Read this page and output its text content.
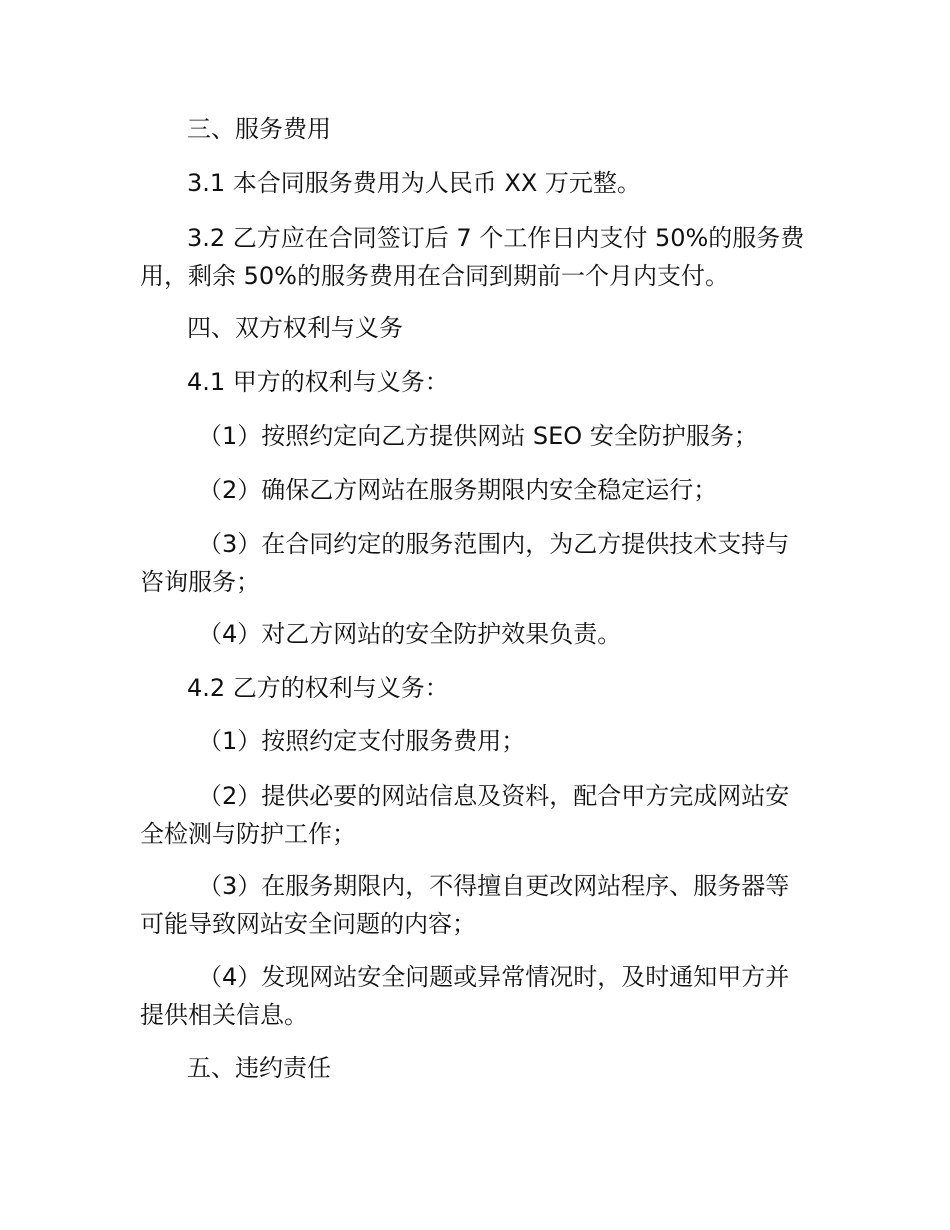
三、服务费用

3.1 本合同服务费用为人民币 XX 万元整。

3.2 乙方应在合同签订后 7 个工作日内支付 50%的服务费用，剩余 50%的服务费用在合同到期前一个月内支付。

四、双方权利与义务

4.1 甲方的权利与义务：

（1）按照约定向乙方提供网站 SEO 安全防护服务；

（2）确保乙方网站在服务期限内安全稳定运行；

（3）在合同约定的服务范围内，为乙方提供技术支持与咨询服务；

（4）对乙方网站的安全防护效果负责。

4.2 乙方的权利与义务：

（1）按照约定支付服务费用；

（2）提供必要的网站信息及资料，配合甲方完成网站安全检测与防护工作；

（3）在服务期限内，不得擅自更改网站程序、服务器等可能导致网站安全问题的内容；

（4）发现网站安全问题或异常情况时，及时通知甲方并提供相关信息。

五、违约责任
